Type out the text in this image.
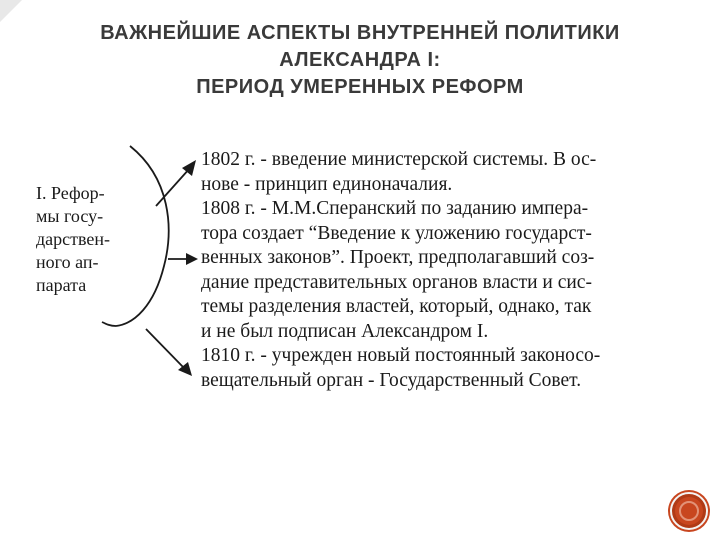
ВАЖНЕЙШИЕ АСПЕКТЫ ВНУТРЕННЕЙ ПОЛИТИКИ
АЛЕКСАНДРА I:
ПЕРИОД УМЕРЕННЫХ РЕФОРМ
I. Рефор-
мы госу-
дарствен-
ного ап-
парата
1802 г. - введение министерской системы. В ос-
нове - принцип единоначалия.
1808 г. - М.М.Сперанский по заданию импера-
тора создает “Введение к уложению государст-
венных законов”. Проект, предполагавший соз-
дание представительных органов власти и сис-
темы разделения властей, который, однако, так
и не был подписан Александром I.
1810 г. - учрежден новый постоянный законосо-
вещательный орган - Государственный Совет.
